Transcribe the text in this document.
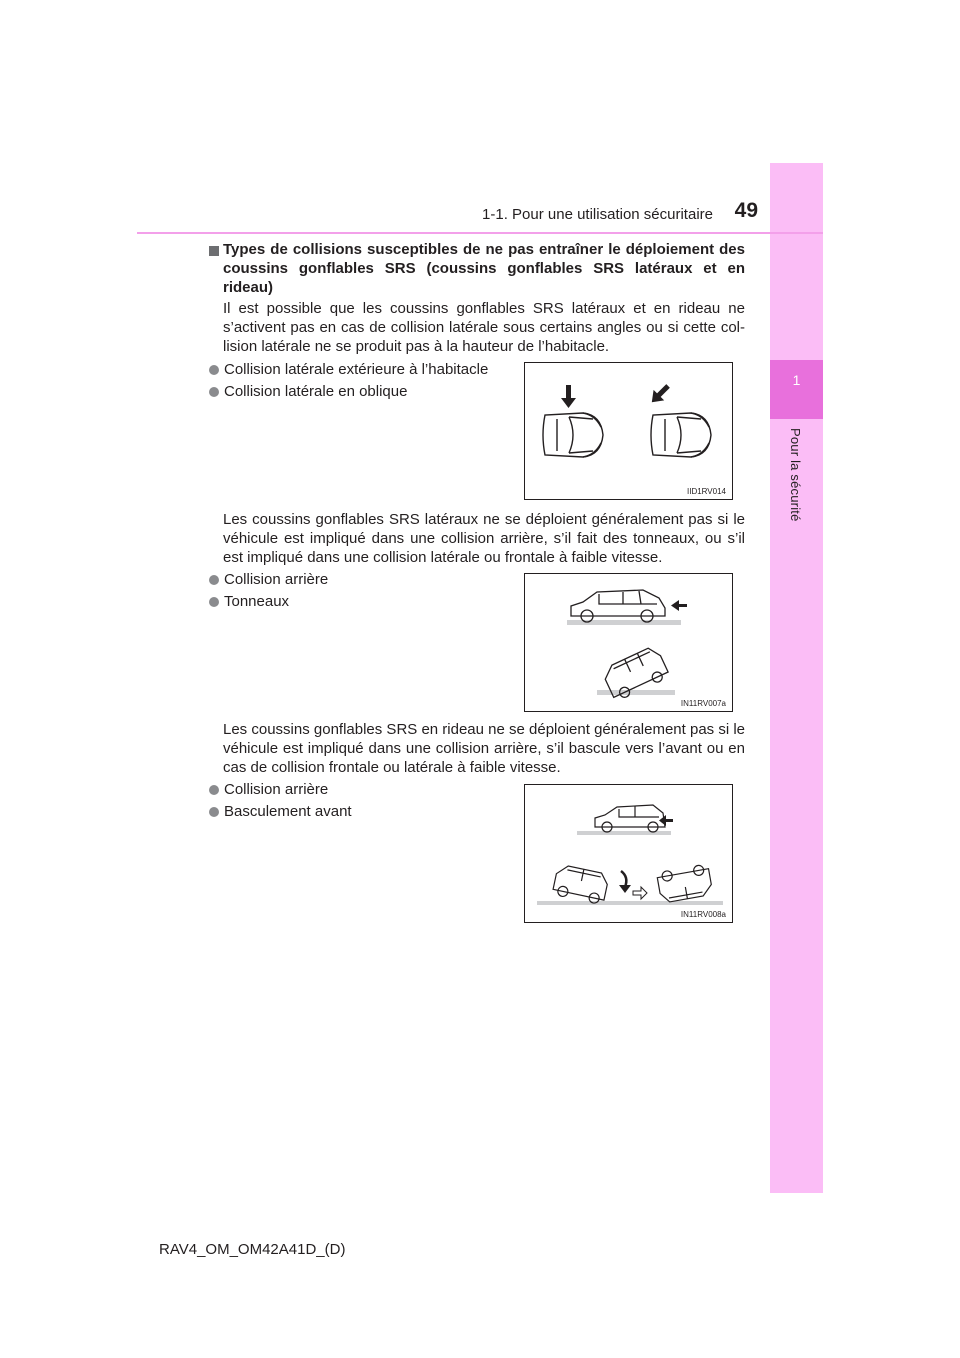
1
Pour la sécurité
1-1. Pour une utilisation sécuritaire	49
Types de collisions susceptibles de ne pas entraîner le déploiement des coussins gonflables SRS (coussins gonflables SRS latéraux et en rideau)
Il est possible que les coussins gonflables SRS latéraux et en rideau ne s’activent pas en cas de collision latérale sous certains angles ou si cette col-lision latérale ne se produit pas à la hauteur de l’habitacle.
Collision latérale extérieure à l’habitacle
Collision latérale en oblique
IID1RV014
Les coussins gonflables SRS latéraux ne se déploient généralement pas si le véhicule est impliqué dans une collision arrière, s’il fait des tonneaux, ou s’il est impliqué dans une collision latérale ou frontale à faible vitesse.
Collision arrière
Tonneaux
IN11RV007a
Les coussins gonflables SRS en rideau ne se déploient généralement pas si le véhicule est impliqué dans une collision arrière, s’il bascule vers l’avant ou en cas de collision frontale ou latérale à faible vitesse.
Collision arrière
Basculement avant
IN11RV008a
RAV4_OM_OM42A41D_(D)
